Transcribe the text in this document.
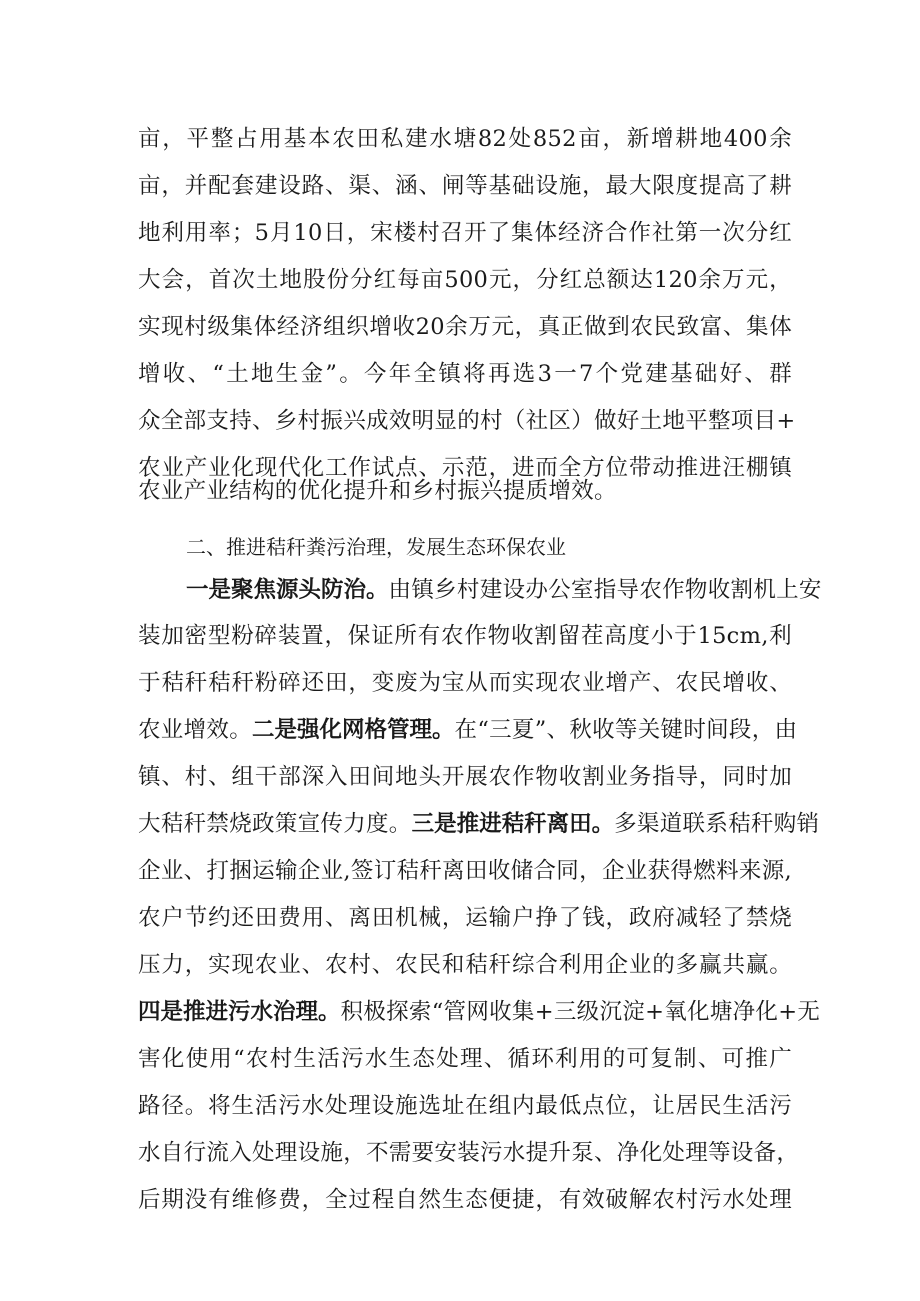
亩，平整占用基本农田私建水塘82处852亩，新增耕地400余
亩，并配套建设路、渠、涵、闸等基础设施，最大限度提高了耕
地利用率；5月10日，宋楼村召开了集体经济合作社第一次分红
大会，首次土地股份分红每亩500元，分红总额达120余万元，
实现村级集体经济组织增收20余万元，真正做到农民致富、集体
增收、“土地生金”。今年全镇将再选3一7个党建基础好、群
众全部支持、乡村振兴成效明显的村（社区）做好土地平整项目+
农业产业化现代化工作试点、示范，进而全方位带动推进汪棚镇
农业产业结构的优化提升和乡村振兴提质增效。
二、推进秸秆粪污治理，发展生态环保农业
一是聚焦源头防治。由镇乡村建设办公室指导农作物收割机上安
装加密型粉碎装置，保证所有农作物收割留茬高度小于15cm,利
于秸秆秸秆粉碎还田，变废为宝从而实现农业增产、农民增收、
农业增效。二是强化网格管理。在“三夏”、秋收等关键时间段，由
镇、村、组干部深入田间地头开展农作物收割业务指导，同时加
大秸秆禁烧政策宣传力度。三是推进秸秆离田。多渠道联系秸秆购销
企业、打捆运输企业,签订秸秆离田收储合同，企业获得燃料来源,
农户节约还田费用、离田机械，运输户挣了钱，政府减轻了禁烧
压力，实现农业、农村、农民和秸秆综合利用企业的多赢共赢。
四是推进污水治理。积极探索“管网收集+三级沉淀+氧化塘净化+无
害化使用“农村生活污水生态处理、循环利用的可复制、可推广
路径。将生活污水处理设施选址在组内最低点位，让居民生活污
水自行流入处理设施，不需要安装污水提升泵、净化处理等设备，
后期没有维修费，全过程自然生态便捷，有效破解农村污水处理
